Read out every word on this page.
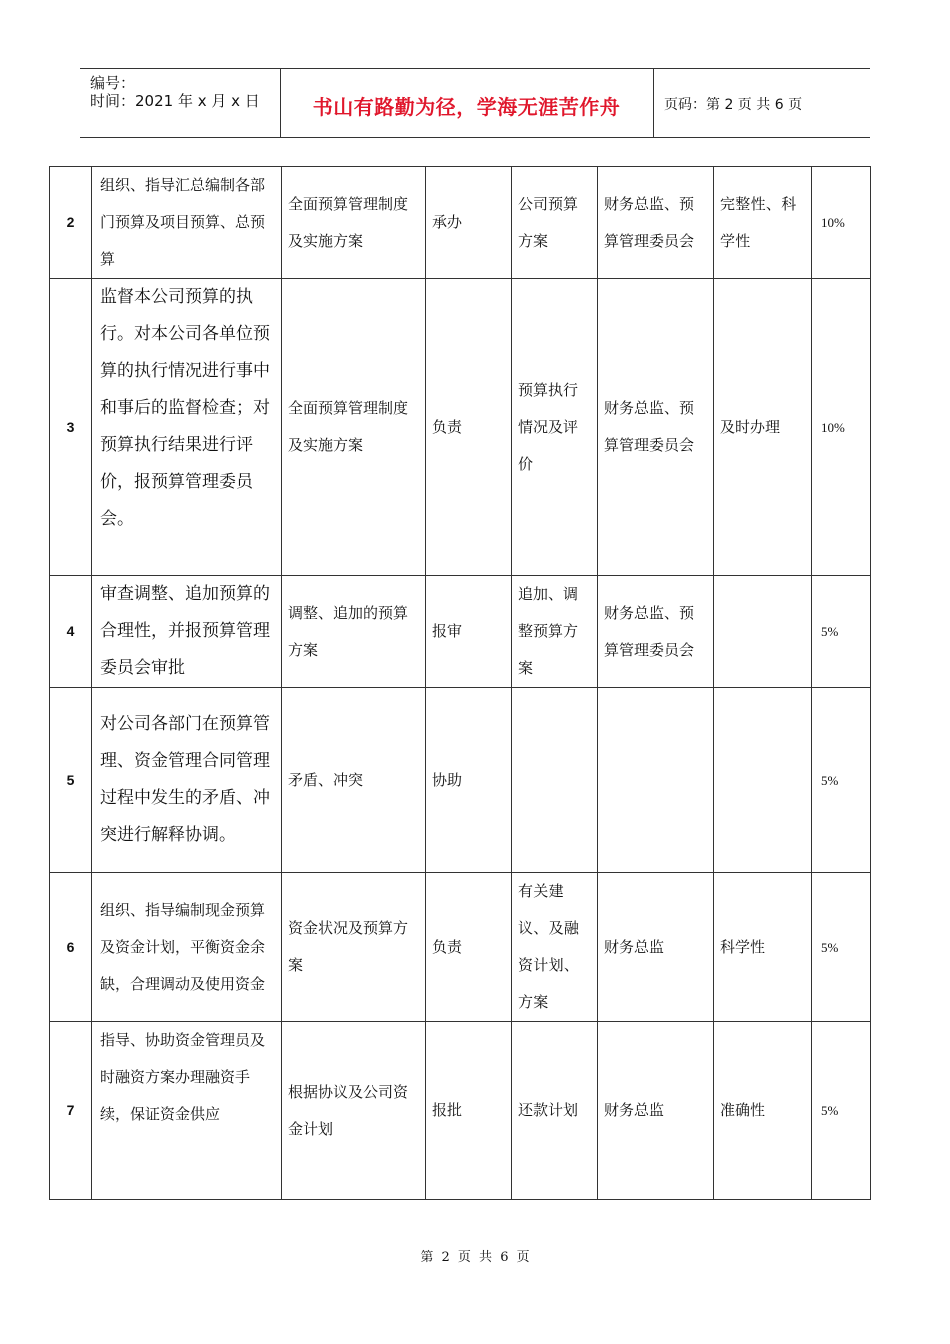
编号：
时间：2021 年 x 月 x 日	书山有路勤为径，学海无涯苦作舟	页码：第 2 页 共 6 页
2	组织、指导汇总编制各部门预算及项目预算、总预算	全面预算管理制度及实施方案	承办	公司预算方案	财务总监、预算管理委员会	完整性、科学性	10%
3	监督本公司预算的执行。对本公司各单位预算的执行情况进行事中和事后的监督检查；对预算执行结果进行评价，报预算管理委员会。	全面预算管理制度及实施方案	负责	预算执行情况及评价	财务总监、预算管理委员会	及时办理	10%
4	审查调整、追加预算的合理性，并报预算管理委员会审批	调整、追加的预算方案	报审	追加、调整预算方案	财务总监、预算管理委员会		5%
5	对公司各部门在预算管理、资金管理合同管理过程中发生的矛盾、冲突进行解释协调。	矛盾、冲突	协助				5%
6	组织、指导编制现金预算及资金计划，平衡资金余缺，合理调动及使用资金	资金状况及预算方案	负责	有关建议、及融资计划、方案	财务总监	科学性	5%
7	指导、协助资金管理员及时融资方案办理融资手续，保证资金供应	根据协议及公司资金计划	报批	还款计划	财务总监	准确性	5%
第 2 页 共 6 页
